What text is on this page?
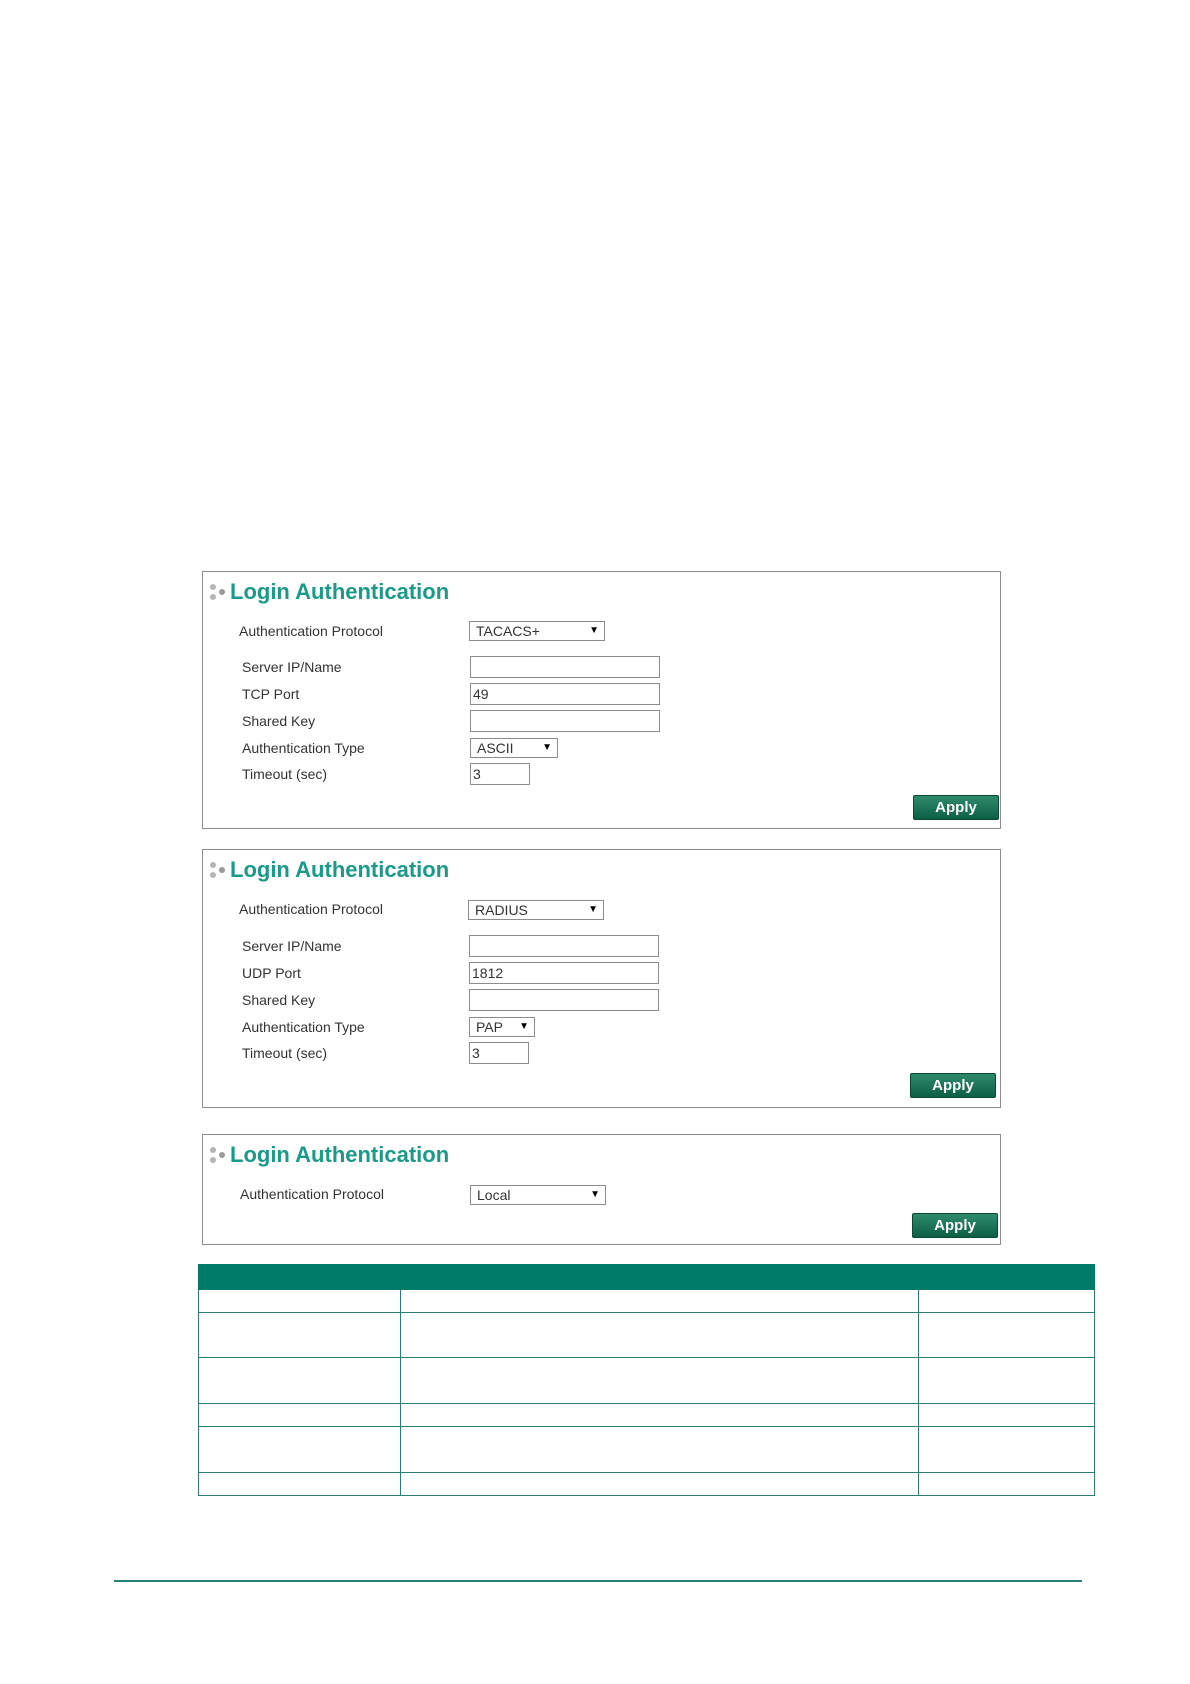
Login Authentication
Authentication Protocol	TACACS+	▼
Server IP/Name
TCP Port	49
Shared Key
Authentication Type	ASCII	▼
Timeout (sec)	3
Apply
Login Authentication
Authentication Protocol	RADIUS	▼
Server IP/Name
UDP Port	1812
Shared Key
Authentication Type	PAP ▼
Timeout (sec)	3
Apply
Login Authentication
Authentication Protocol	Local	▼
Apply
